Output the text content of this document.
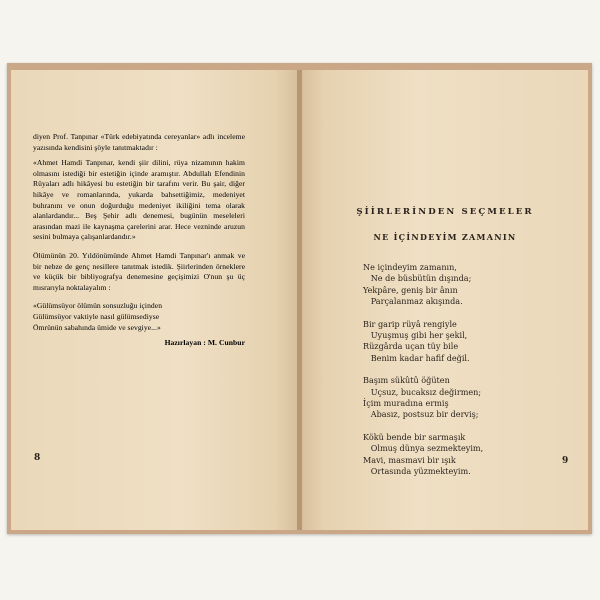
diyen Prof. Tanpınar «Türk edebiyatında cereyanlar» adlı inceleme yazısında kendisini şöyle tanıtmaktadır :

«Ahmet Hamdi Tanpınar, kendi şiir dilini, rüya nizamının hakim olmasını istediği bir estetiğin içinde aramıştır. Abdullah Efendinin Rüyaları adlı hikâyesi bu estetiğin bir tarafını verir. Bu şair, diğer hikâye ve romanlarında, yukarda bahsettiğimiz, medeniyet buhranını ve onun doğurduğu medeniyet ikiliğini tema olarak alanlardandır... Beş Şehir adlı denemesi, bugünün meseleleri arasından mazi ile kaynaşma çarelerini arar. Hece vezninde aruzun sesini bulmaya çalışanlardandır.»

Ölümünün 20. Yıldönümünde Ahmet Hamdi Tanpınar'ı anmak ve bir nebze de genç nesillere tanıtmak istedik. Şiirlerinden örneklere ve küçük bir bibliyografya denemesine geçişimizi O'nun şu üç mısrarıyla noktalayalım :

«Gülümsüyor ölümün sonsuzluğu içinden

Gülümsüyor vaktiyle nasıl gülümsediyse

Ömrünün sabahında ümide ve sevgiye...»

Hazırlayan : M. Cunbur
8
ŞİİRLERİNDEN SEÇMELER
NE İÇİNDEYİM ZAMANIN
Ne içindeyim zamanın,
Ne de büsbütün dışında;
Yekpâre, geniş bir ânın
Parçalanmaz akışında.
Bir garip rüyâ rengiyle
Uyuşmuş gibi her şekil,
Rüzgârda uçan tüy bile
Benim kadar hafif değil.
Başım sükûtû öğüten
Uçsuz, bucaksız değirmen;
İçim muradına ermiş
Abasız, postsuz bir derviş;
Kökü bende bir sarmaşık
Olmuş dünya sezmekteyim,
Mavi, masmavi bir ışık
Ortasında yüzmekteyim.
9
